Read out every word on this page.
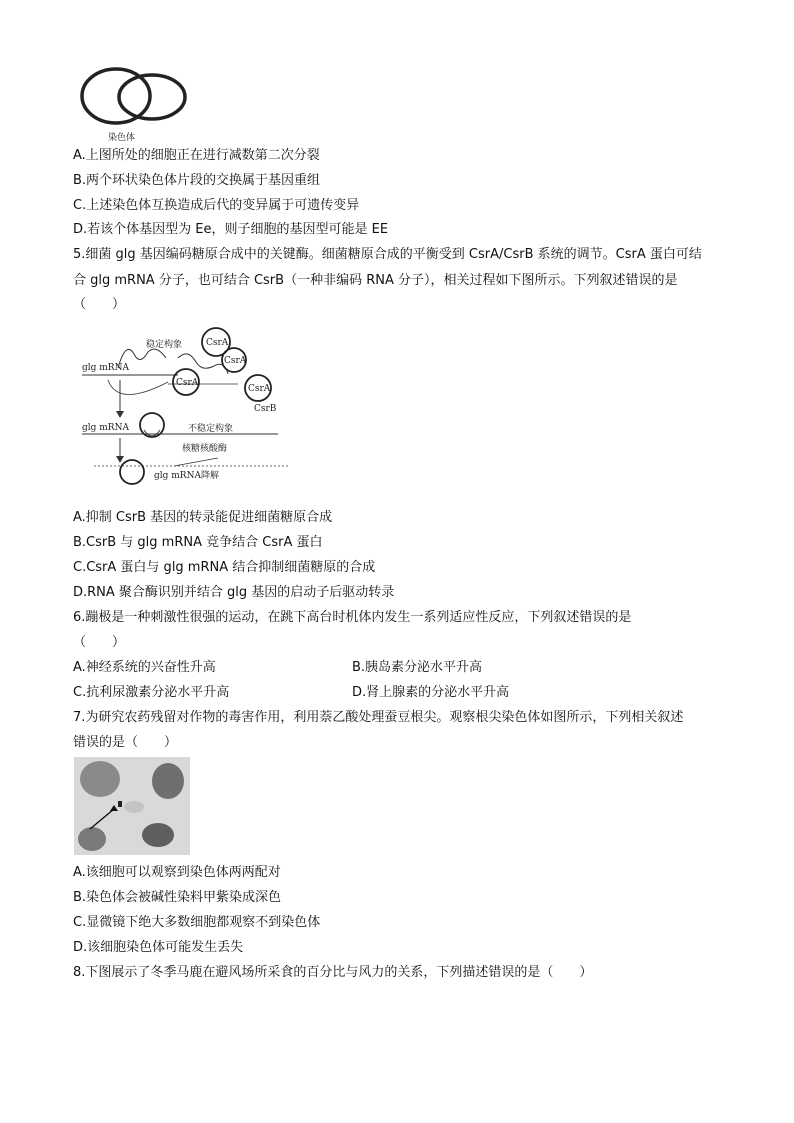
染色体
A.上图所处的细胞正在进行减数第二次分裂
B.两个环状染色体片段的交换属于基因重组
C.上述染色体互换造成后代的变异属于可遗传变异
D.若该个体基因型为 Ee，则子细胞的基因型可能是 EE
5.细菌 glg 基因编码糖原合成中的关键酶。细菌糖原合成的平衡受到 CsrA/CsrB 系统的调节。CsrA 蛋白可结
合 glg mRNA 分子，也可结合 CsrB（一种非编码 RNA 分子），相关过程如下图所示。下列叙述错误的是
（　　）
稳定构象
glg mRNA
CsrA
CsrA
CsrA
CsrA
CsrB
glg mRNA	不稳定构象
核糖核酸酶
glg mRNA降解
A.抑制 CsrB 基因的转录能促进细菌糖原合成
B.CsrB 与 glg mRNA 竞争结合 CsrA 蛋白
C.CsrA 蛋白与 glg mRNA 结合抑制细菌糖原的合成
D.RNA 聚合酶识别并结合 glg 基因的启动子后驱动转录
6.蹦极是一种刺激性很强的运动，在跳下高台时机体内发生一系列适应性反应，下列叙述错误的是
（　　）
A.神经系统的兴奋性升高	B.胰岛素分泌水平升高
C.抗利尿激素分泌水平升高	D.肾上腺素的分泌水平升高
7.为研究农药残留对作物的毒害作用，利用萘乙酸处理蚕豆根尖。观察根尖染色体如图所示，下列相关叙述
错误的是（　　）
A.该细胞可以观察到染色体两两配对
B.染色体会被碱性染料甲紫染成深色
C.显微镜下绝大多数细胞都观察不到染色体
D.该细胞染色体可能发生丢失
8.下图展示了冬季马鹿在避风场所采食的百分比与风力的关系，下列描述错误的是（　　）
